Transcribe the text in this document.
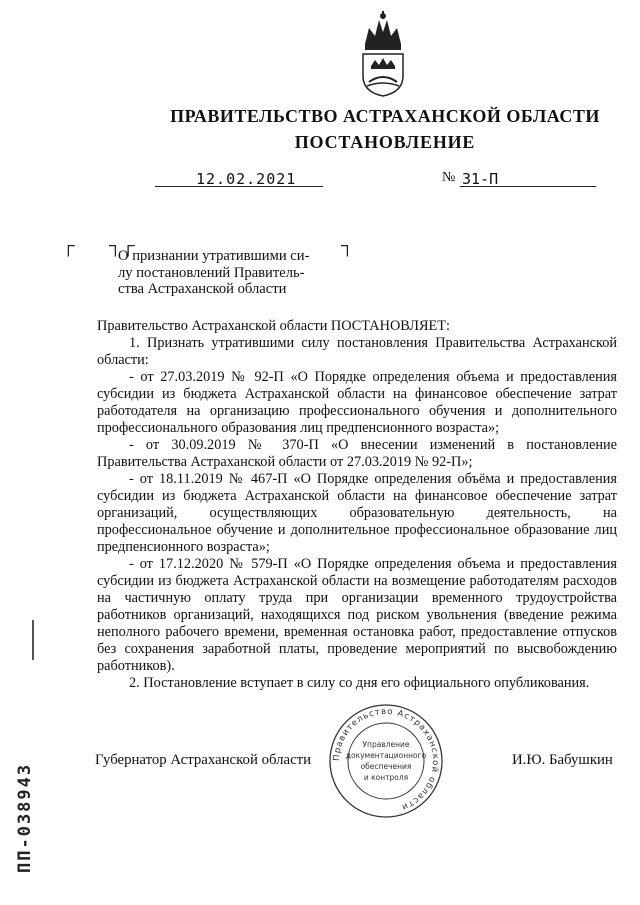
ПРАВИТЕЛЬСТВО АСТРАХАНСКОЙ ОБЛАСТИ
ПОСТАНОВЛЕНИЕ
12.02.2021	№ 31-П
┌ ┐┌	┐
О признании утратившими си-
лу постановлений Правитель-
ства Астраханской области

Правительство Астраханской области ПОСТАНОВЛЯЕТ:

1. Признать утратившими силу постановления Правительства Астраханской области:

- от 27.03.2019 № 92-П «О Порядке определения объема и предоставления субсидии из бюджета Астраханской области на финансовое обеспечение затрат работодателя на организацию профессионального обучения и дополнительного профессионального образования лиц предпенсионного возраста»;

- от 30.09.2019 № 370-П «О внесении изменений в постановление Правительства Астраханской области от 27.03.2019 № 92-П»;

- от 18.11.2019 № 467-П «О Порядке определения объёма и предоставления субсидии из бюджета Астраханской области на финансовое обеспечение затрат организаций, осуществляющих образовательную деятельность, на профессиональное обучение и дополнительное профессиональное образование лиц предпенсионного возраста»;

- от 17.12.2020 № 579-П «О Порядке определения объема и предоставления субсидии из бюджета Астраханской области на возмещение работодателям расходов на частичную оплату труда при организации временного трудоустройства работников организаций, находящихся под риском увольнения (введение режима неполного рабочего времени, временная остановка работ, предоставление отпусков без сохранения заработной платы, проведение мероприятий по высвобождению работников).

2. Постановление вступает в силу со дня его официального опубликования.

Губернатор Астраханской области	И.Ю. Бабушкин
Правительство Астраханской области
Управление
документационного
обеспечения
и контроля
ПП-038943
